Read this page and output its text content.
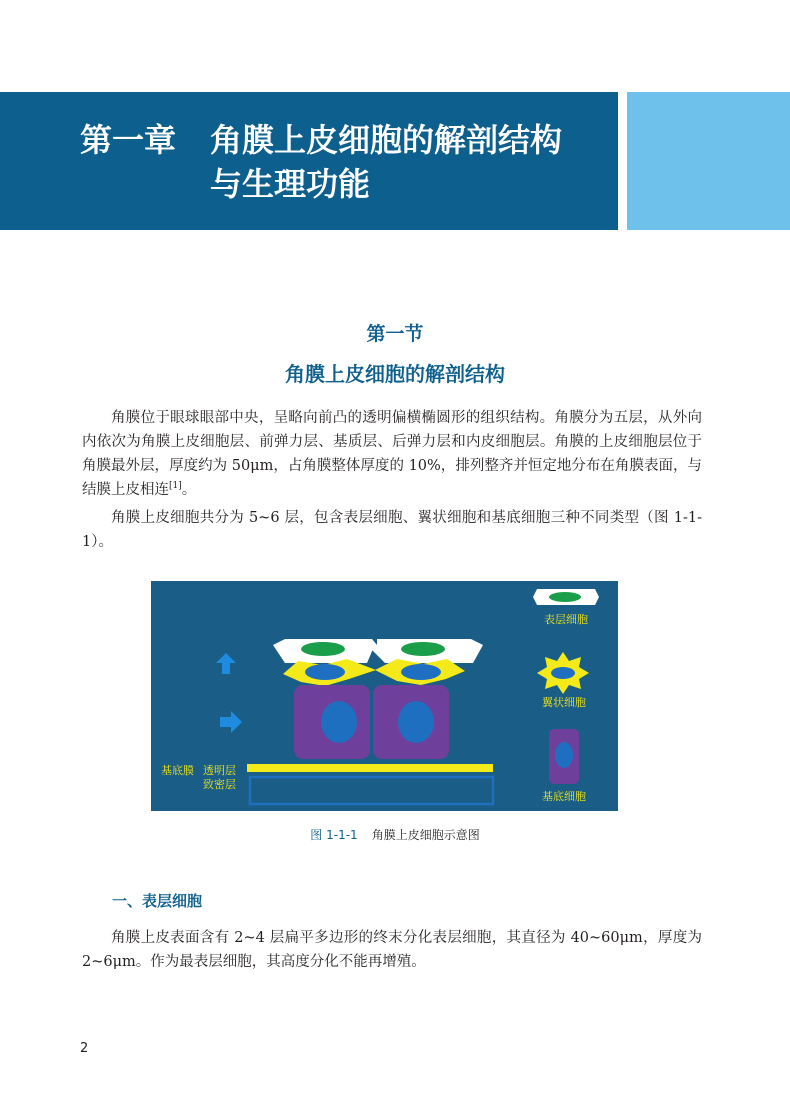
第一章 角膜上皮细胞的解剖结构
与生理功能
第一节
角膜上皮细胞的解剖结构

角膜位于眼球眼部中央，呈略向前凸的透明偏横椭圆形的组织结构。角膜分为五层，从外向内依次为角膜上皮细胞层、前弹力层、基质层、后弹力层和内皮细胞层。角膜的上皮细胞层位于角膜最外层，厚度约为 50μm，占角膜整体厚度的 10%，排列整齐并恒定地分布在角膜表面，与结膜上皮相连[1]。

角膜上皮细胞共分为 5~6 层，包含表层细胞、翼状细胞和基底细胞三种不同类型（图 1-1-1）。

表层细胞
翼状细胞
基底细胞
基底膜 透明层
致密层
图 1-1-1 角膜上皮细胞示意图
一、表层细胞

角膜上皮表面含有 2~4 层扁平多边形的终末分化表层细胞，其直径为 40~60μm，厚度为 2~6μm。作为最表层细胞，其高度分化不能再增殖。

2
